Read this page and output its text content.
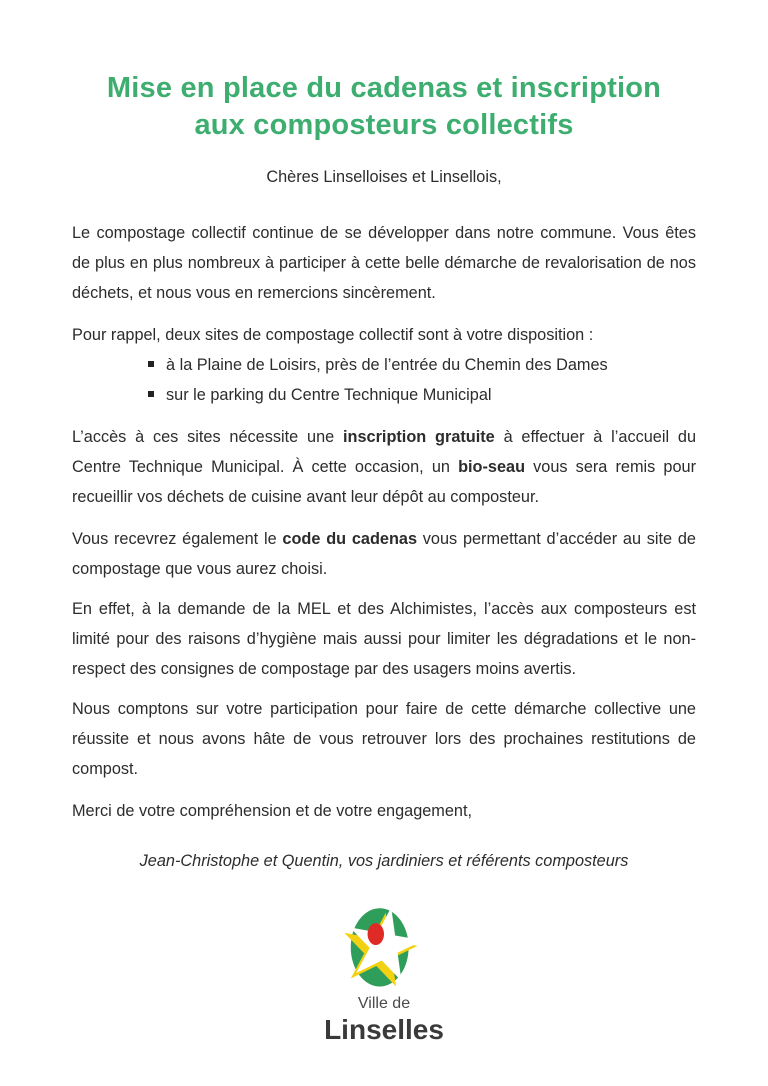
Mise en place du cadenas et inscription
aux composteurs collectifs

Chères Linselloises et Linsellois,

Le compostage collectif continue de se développer dans notre commune. Vous êtes de plus en plus nombreux à participer à cette belle démarche de revalorisation de nos déchets, et nous vous en remercions sincèrement.

Pour rappel, deux sites de compostage collectif sont à votre disposition :

à la Plaine de Loisirs, près de l’entrée du Chemin des Dames
sur le parking du Centre Technique Municipal

L’accès à ces sites nécessite une inscription gratuite à effectuer à l’accueil du Centre Technique Municipal. À cette occasion, un bio-seau vous sera remis pour recueillir vos déchets de cuisine avant leur dépôt au composteur.

Vous recevrez également le code du cadenas vous permettant d’accéder au site de compostage que vous aurez choisi.

En effet, à la demande de la MEL et des Alchimistes, l’accès aux composteurs est limité pour des raisons d’hygiène mais aussi pour limiter les dégradations et le non-respect des consignes de compostage par des usagers moins avertis.

Nous comptons sur votre participation pour faire de cette démarche collective une réussite et nous avons hâte de vous retrouver lors des prochaines restitutions de compost.

Merci de votre compréhension et de votre engagement,

Jean-Christophe et Quentin, vos jardiniers et référents composteurs

Ville de
Linselles
